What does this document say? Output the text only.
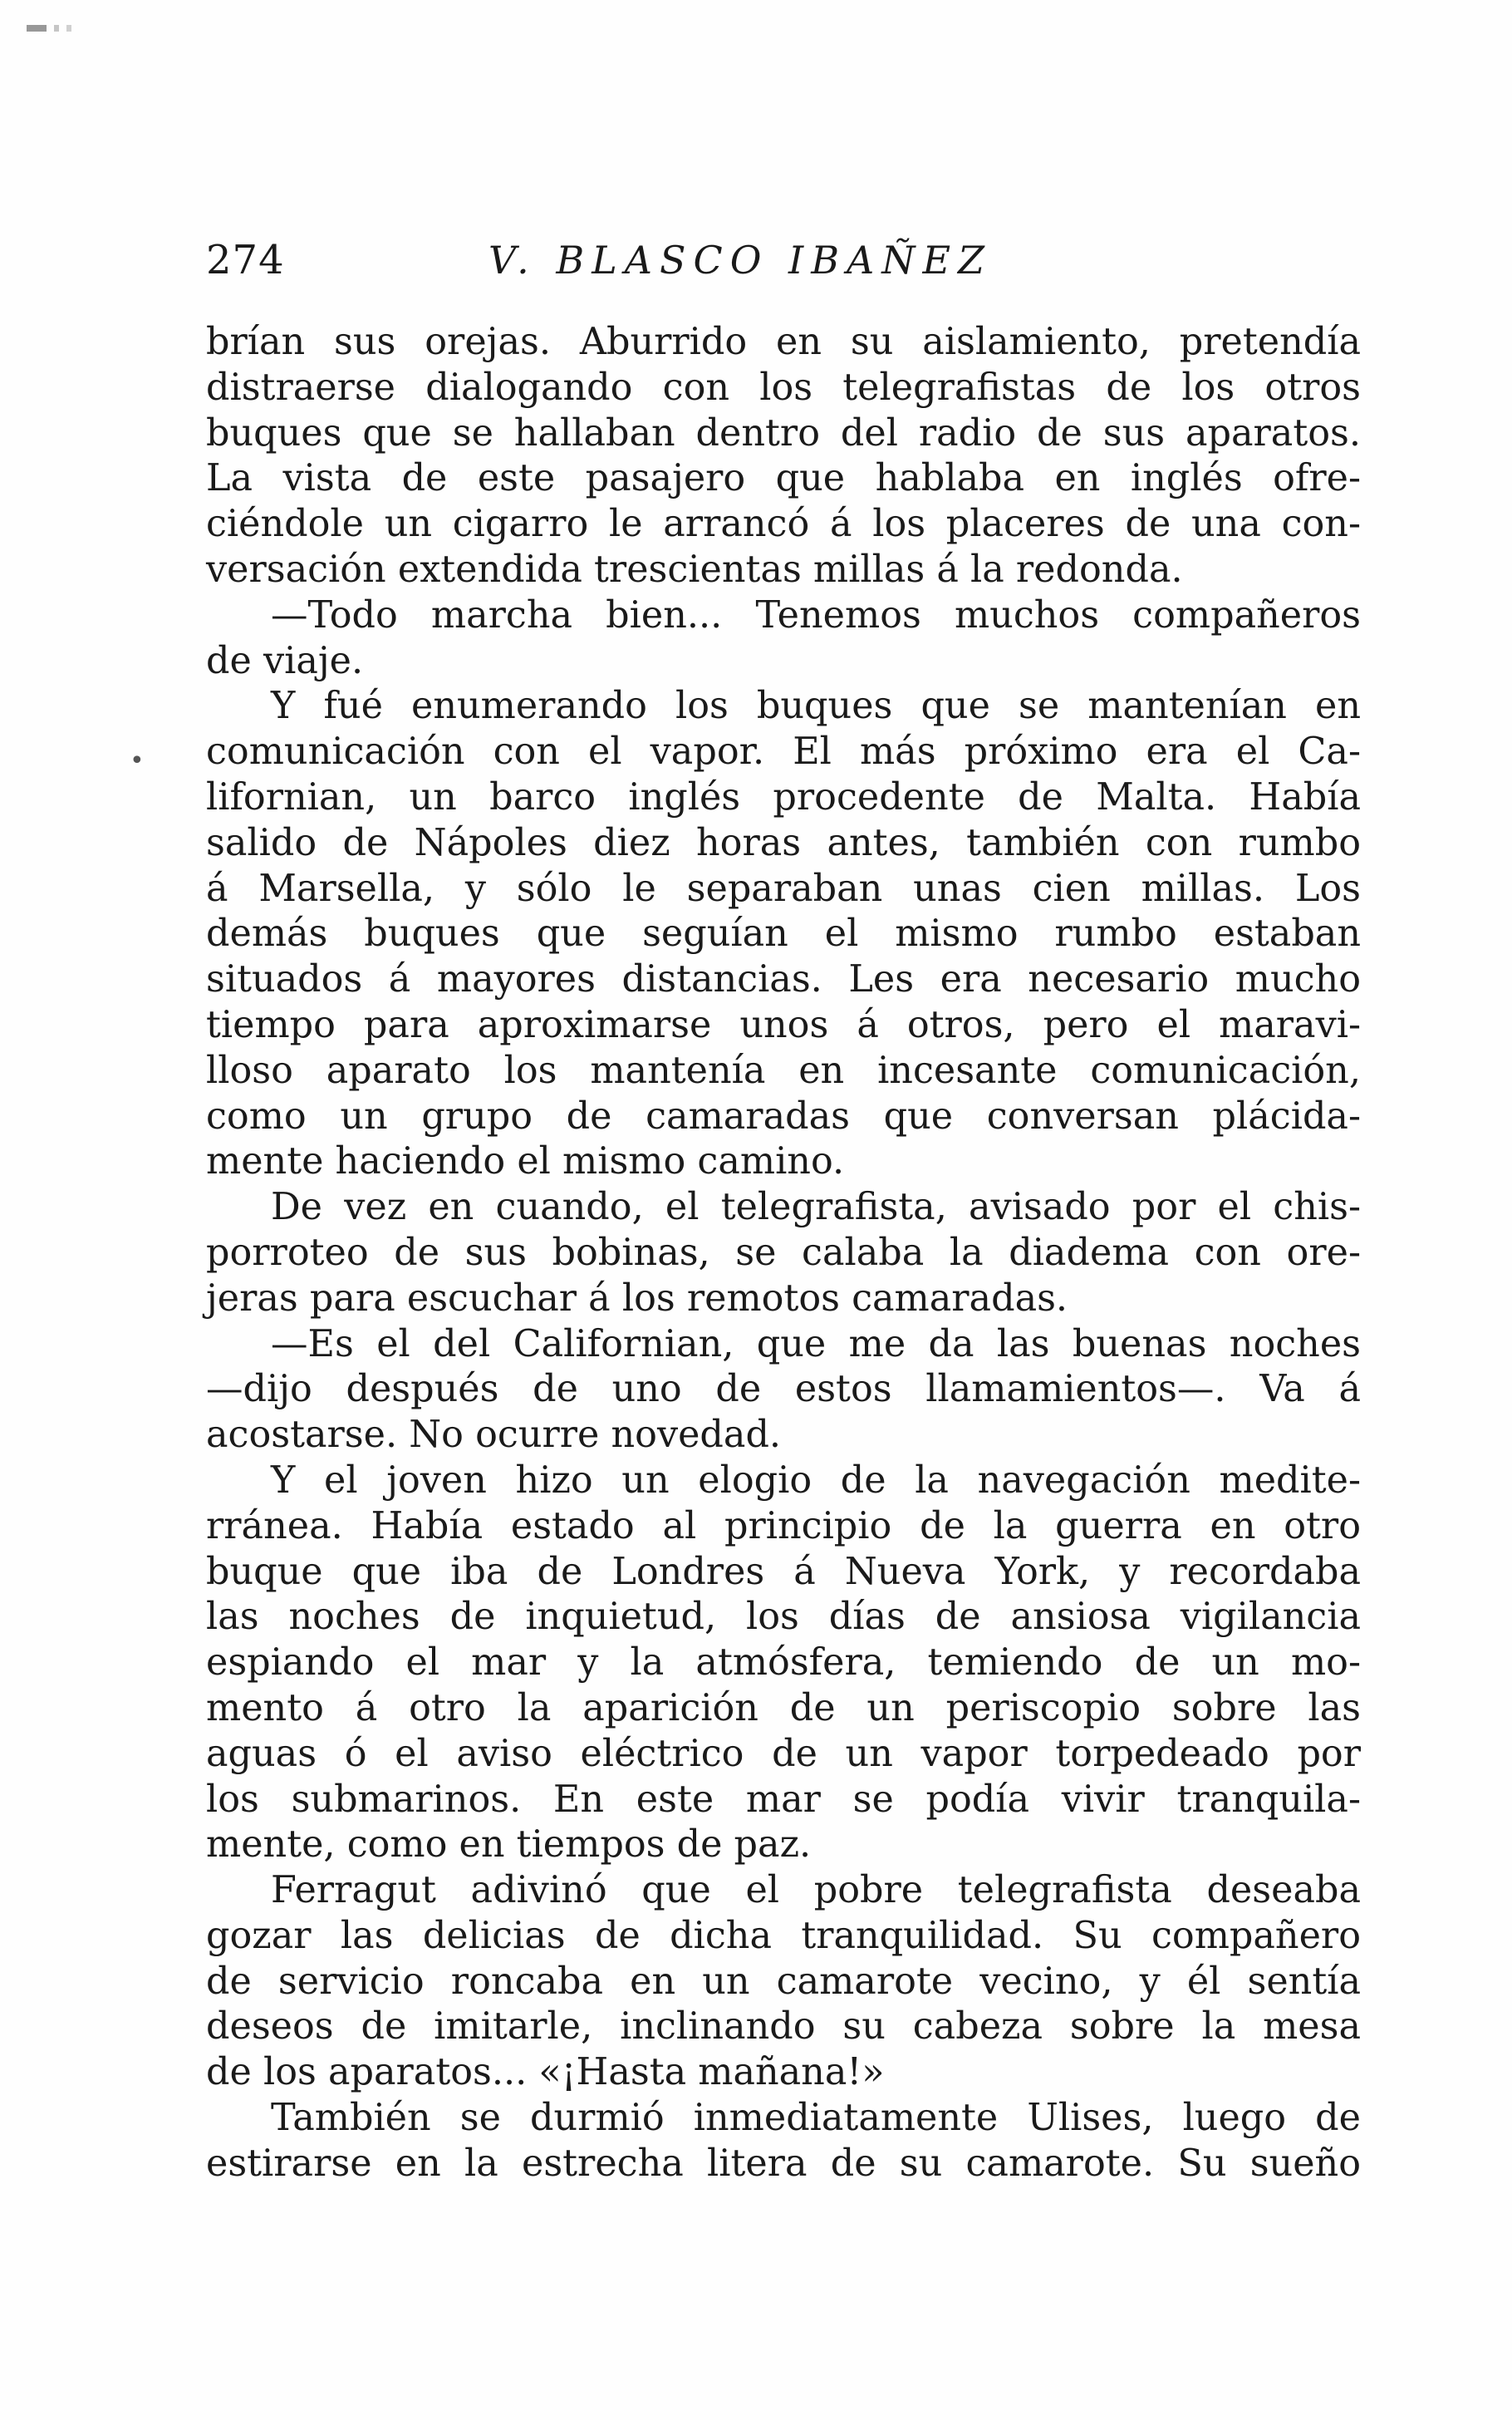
274	V. BLASCO IBAÑEZ
brían sus orejas. Aburrido en su aislamiento, pretendía
distraerse dialogando con los telegrafistas de los otros
buques que se hallaban dentro del radio de sus aparatos.
La vista de este pasajero que hablaba en inglés ofre-
ciéndole un cigarro le arrancó á los placeres de una con-
versación extendida trescientas millas á la redonda.
—Todo marcha bien... Tenemos muchos compañeros
de viaje.
Y fué enumerando los buques que se mantenían en
comunicación con el vapor. El más próximo era el Ca-
lifornian, un barco inglés procedente de Malta. Había
salido de Nápoles diez horas antes, también con rumbo
á Marsella, y sólo le separaban unas cien millas. Los
demás buques que seguían el mismo rumbo estaban
situados á mayores distancias. Les era necesario mucho
tiempo para aproximarse unos á otros, pero el maravi-
lloso aparato los mantenía en incesante comunicación,
como un grupo de camaradas que conversan plácida-
mente haciendo el mismo camino.
De vez en cuando, el telegrafista, avisado por el chis-
porroteo de sus bobinas, se calaba la diadema con ore-
jeras para escuchar á los remotos camaradas.
—Es el del Californian, que me da las buenas noches
—dijo después de uno de estos llamamientos—. Va á
acostarse. No ocurre novedad.
Y el joven hizo un elogio de la navegación medite-
rránea. Había estado al principio de la guerra en otro
buque que iba de Londres á Nueva York, y recordaba
las noches de inquietud, los días de ansiosa vigilancia
espiando el mar y la atmósfera, temiendo de un mo-
mento á otro la aparición de un periscopio sobre las
aguas ó el aviso eléctrico de un vapor torpedeado por
los submarinos. En este mar se podía vivir tranquila-
mente, como en tiempos de paz.
Ferragut adivinó que el pobre telegrafista deseaba
gozar las delicias de dicha tranquilidad. Su compañero
de servicio roncaba en un camarote vecino, y él sentía
deseos de imitarle, inclinando su cabeza sobre la mesa
de los aparatos... «¡Hasta mañana!»
También se durmió inmediatamente Ulises, luego de
estirarse en la estrecha litera de su camarote. Su sueño
•
